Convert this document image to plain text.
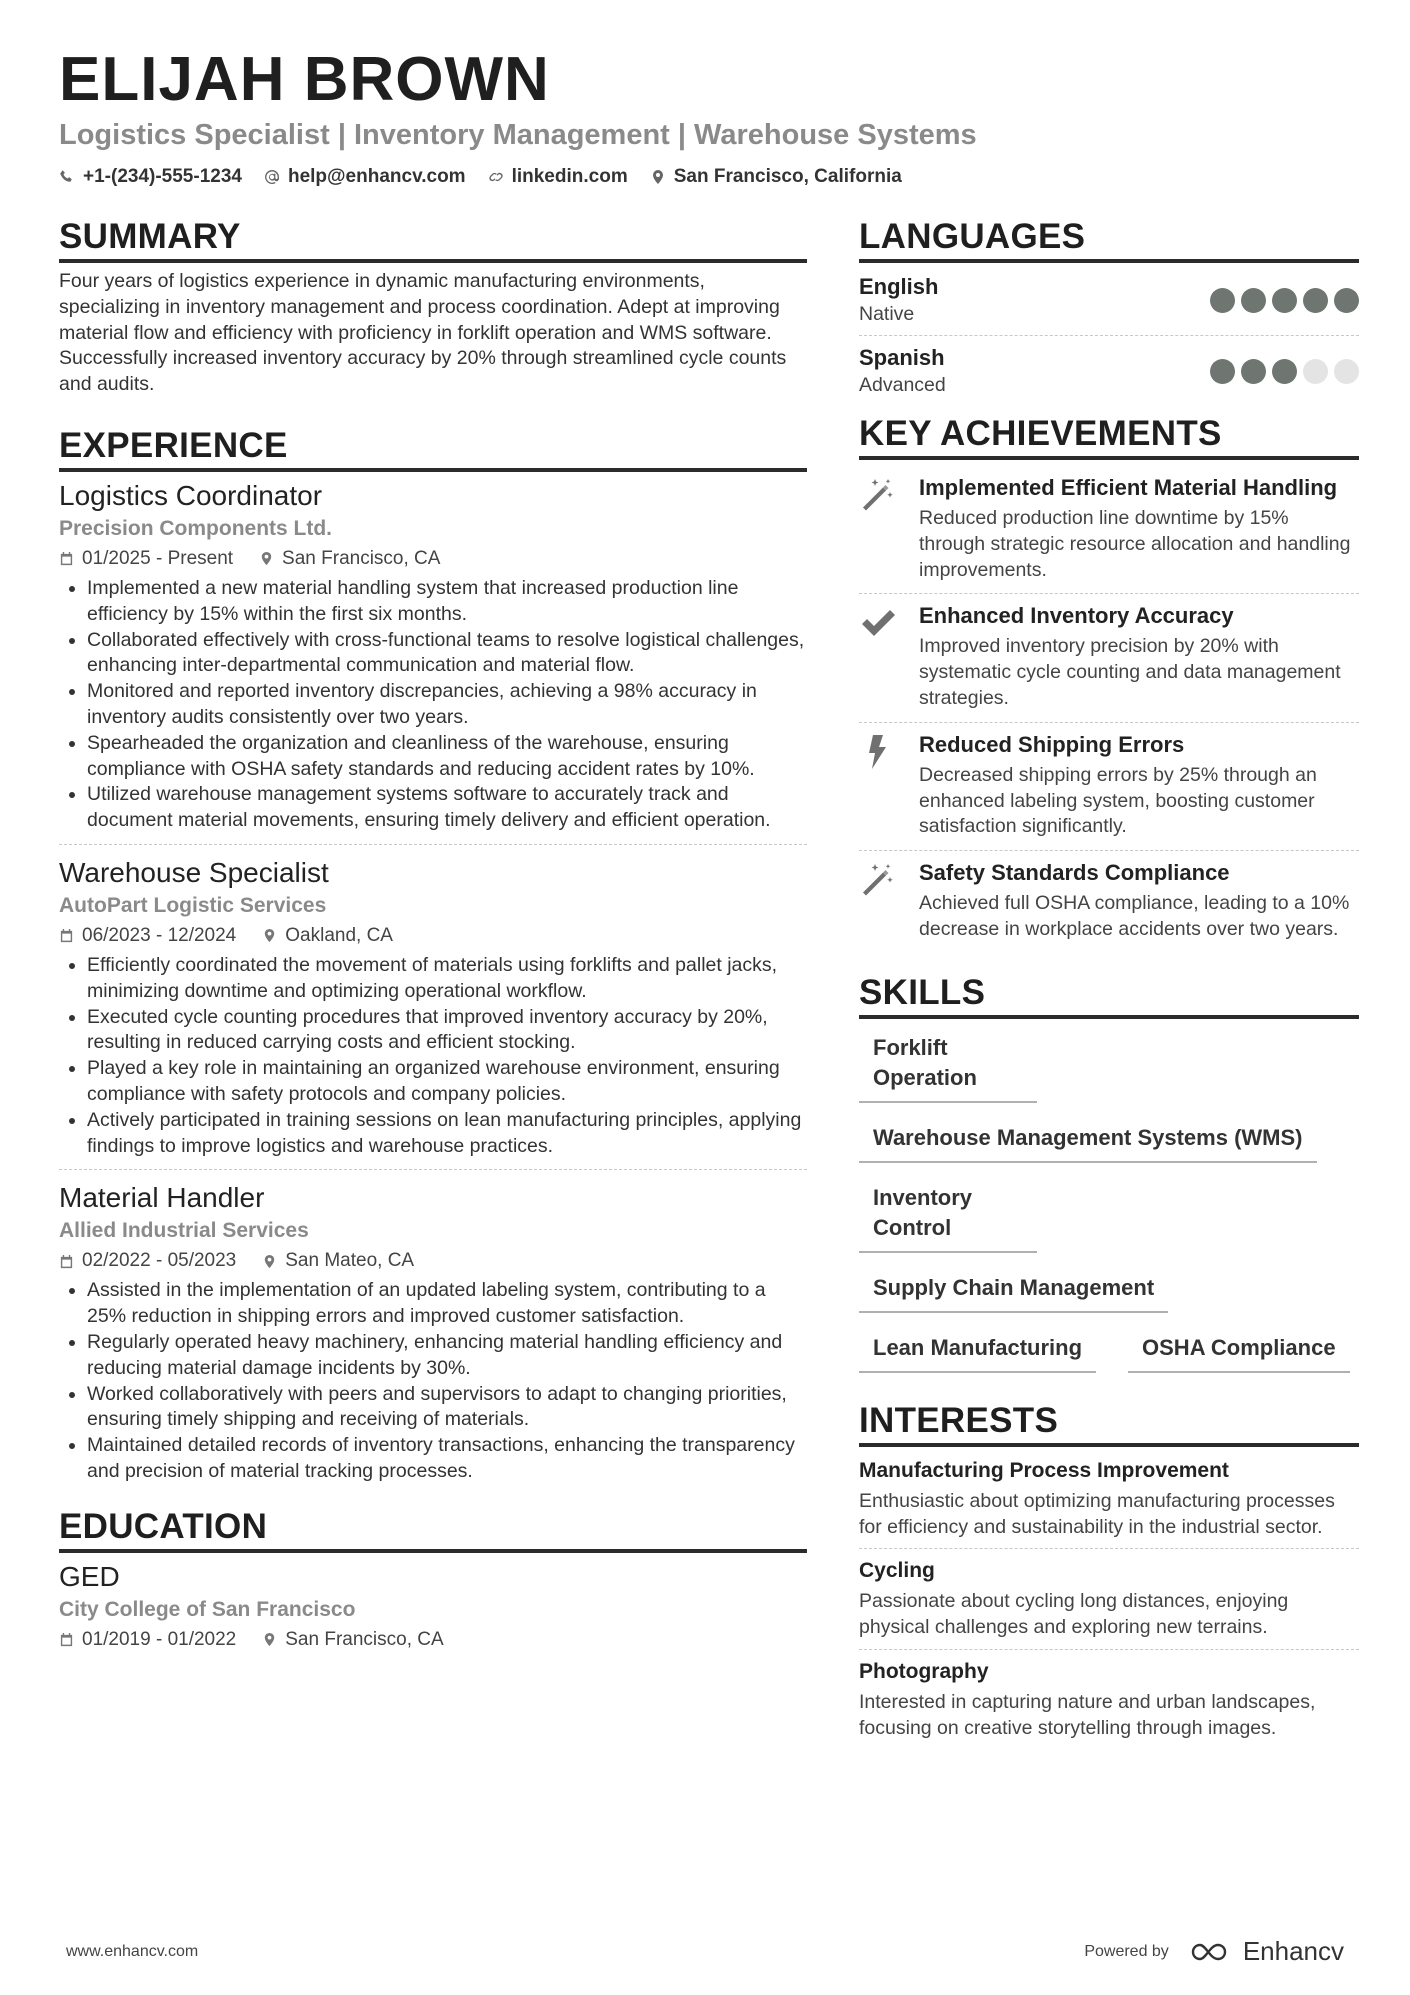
ELIJAH BROWN
Logistics Specialist | Inventory Management | Warehouse Systems
+1-(234)-555-1234 help@enhancv.com linkedin.com San Francisco, California
SUMMARY
Four years of logistics experience in dynamic manufacturing environments, specializing in inventory management and process coordination. Adept at improving material flow and efficiency with proficiency in forklift operation and WMS software. Successfully increased inventory accuracy by 20% through streamlined cycle counts and audits.
EXPERIENCE
Logistics Coordinator
Precision Components Ltd.
01/2025 - Present	San Francisco, CA
• Implemented a new material handling system that increased production line efficiency by 15% within the first six months.
• Collaborated effectively with cross-functional teams to resolve logistical challenges, enhancing inter-departmental communication and material flow.
• Monitored and reported inventory discrepancies, achieving a 98% accuracy in inventory audits consistently over two years.
• Spearheaded the organization and cleanliness of the warehouse, ensuring compliance with OSHA safety standards and reducing accident rates by 10%.
• Utilized warehouse management systems software to accurately track and document material movements, ensuring timely delivery and efficient operation.
Warehouse Specialist
AutoPart Logistic Services
06/2023 - 12/2024	Oakland, CA
• Efficiently coordinated the movement of materials using forklifts and pallet jacks, minimizing downtime and optimizing operational workflow.
• Executed cycle counting procedures that improved inventory accuracy by 20%, resulting in reduced carrying costs and efficient stocking.
• Played a key role in maintaining an organized warehouse environment, ensuring compliance with safety protocols and company policies.
• Actively participated in training sessions on lean manufacturing principles, applying findings to improve logistics and warehouse practices.
Material Handler
Allied Industrial Services
02/2022 - 05/2023	San Mateo, CA
• Assisted in the implementation of an updated labeling system, contributing to a 25% reduction in shipping errors and improved customer satisfaction.
• Regularly operated heavy machinery, enhancing material handling efficiency and reducing material damage incidents by 30%.
• Worked collaboratively with peers and supervisors to adapt to changing priorities, ensuring timely shipping and receiving of materials.
• Maintained detailed records of inventory transactions, enhancing the transparency and precision of material tracking processes.
EDUCATION
GED
City College of San Francisco
01/2019 - 01/2022	San Francisco, CA
LANGUAGES
English
Native
Spanish
Advanced
KEY ACHIEVEMENTS
Implemented Efficient Material Handling
Reduced production line downtime by 15% through strategic resource allocation and handling improvements.
Enhanced Inventory Accuracy
Improved inventory precision by 20% with systematic cycle counting and data management strategies.
Reduced Shipping Errors
Decreased shipping errors by 25% through an enhanced labeling system, boosting customer satisfaction significantly.
Safety Standards Compliance
Achieved full OSHA compliance, leading to a 10% decrease in workplace accidents over two years.
SKILLS
Forklift Operation
Warehouse Management Systems (WMS)
Inventory Control
Supply Chain Management
Lean Manufacturing	OSHA Compliance
INTERESTS
Manufacturing Process Improvement
Enthusiastic about optimizing manufacturing processes for efficiency and sustainability in the industrial sector.
Cycling
Passionate about cycling long distances, enjoying physical challenges and exploring new terrains.
Photography
Interested in capturing nature and urban landscapes, focusing on creative storytelling through images.
www.enhancv.com	Powered by	Enhancv
